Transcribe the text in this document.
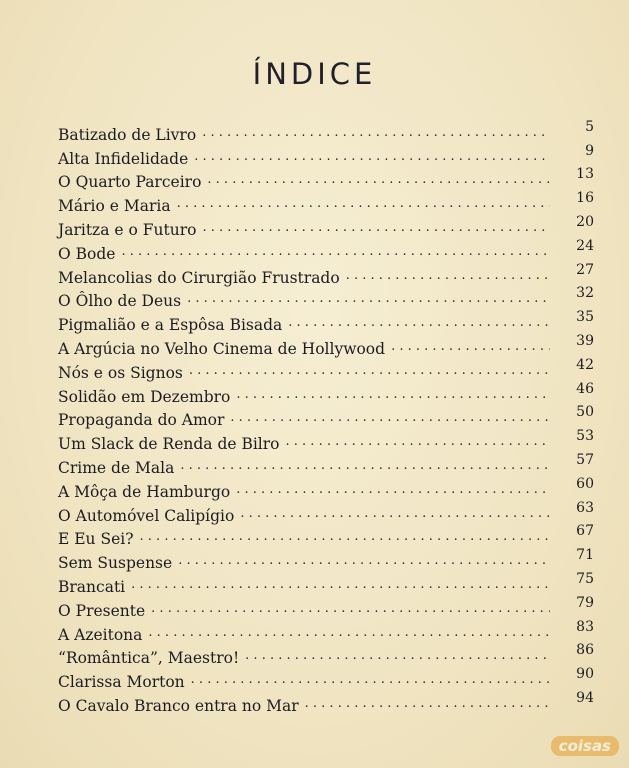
ÍNDICE
Batizado de Livro . . .	5
Alta Infidelidade . . .	9
O Quarto Parceiro . . .	13
Mário e Maria . . .	16
Jaritza e o Futuro . . .	20
O Bode . . .	24
Melancolias do Cirurgião Frustrado . . .	27
O Ôlho de Deus . . .	32
Pigmalião e a Espôsa Bisada . . .	35
A Argúcia no Velho Cinema de Hollywood . . .	39
Nós e os Signos . . .	42
Solidão em Dezembro . . .	46
Propaganda do Amor . . .	50
Um Slack de Renda de Bilro . . .	53
Crime de Mala . . .	57
A Môça de Hamburgo . . .	60
O Automóvel Calipígio . . .	63
E Eu Sei? . . .	67
Sem Suspense . . .	71
Brancati . . .	75
O Presente . . .	79
A Azeitona . . .	83
“Romântica”, Maestro! . . .	86
Clarissa Morton . . .	90
O Cavalo Branco entra no Mar . . .	94
coisas
